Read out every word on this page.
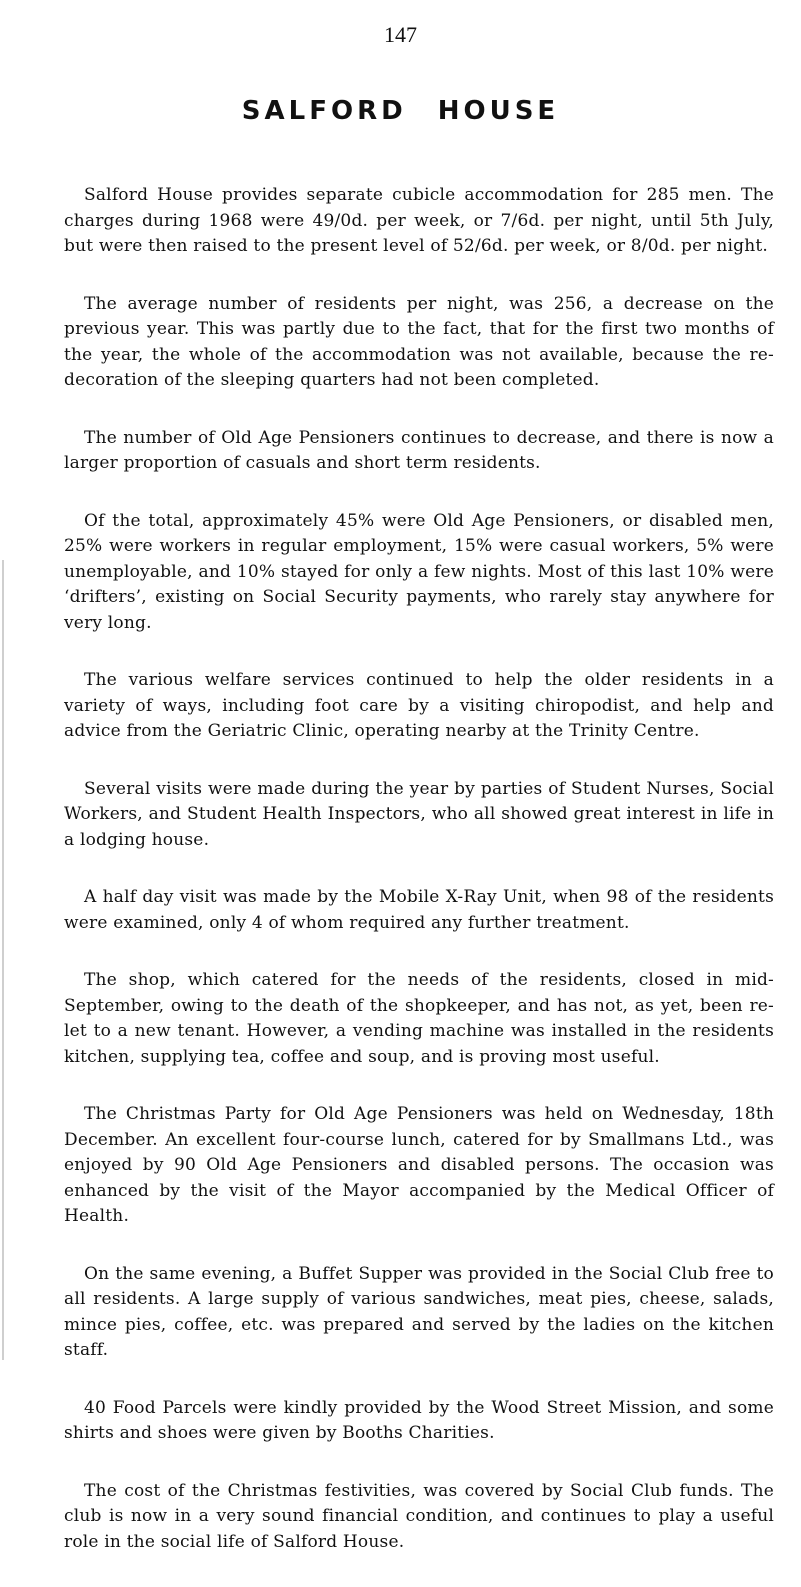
147
SALFORD HOUSE

Salford House provides separate cubicle accommodation for 285 men. The charges during 1968 were 49/0d. per week, or 7/6d. per night, until 5th July, but were then raised to the present level of 52/6d. per week, or 8/0d. per night.

The average number of residents per night, was 256, a decrease on the previous year. This was partly due to the fact, that for the first two months of the year, the whole of the accommodation was not available, because the re-decoration of the sleeping quarters had not been completed.

The number of Old Age Pensioners continues to decrease, and there is now a larger proportion of casuals and short term residents.

Of the total, approximately 45% were Old Age Pensioners, or disabled men, 25% were workers in regular employment, 15% were casual workers, 5% were unemployable, and 10% stayed for only a few nights. Most of this last 10% were ‘drifters’, existing on Social Security payments, who rarely stay anywhere for very long.

The various welfare services continued to help the older residents in a variety of ways, including foot care by a visiting chiropodist, and help and advice from the Geriatric Clinic, operating nearby at the Trinity Centre.

Several visits were made during the year by parties of Student Nurses, Social Workers, and Student Health Inspectors, who all showed great interest in life in a lodging house.

A half day visit was made by the Mobile X-Ray Unit, when 98 of the residents were examined, only 4 of whom required any further treatment.

The shop, which catered for the needs of the residents, closed in mid-September, owing to the death of the shopkeeper, and has not, as yet, been re-let to a new tenant. However, a vending machine was installed in the residents kitchen, supplying tea, coffee and soup, and is proving most useful.

The Christmas Party for Old Age Pensioners was held on Wednesday, 18th December. An excellent four-course lunch, catered for by Smallmans Ltd., was enjoyed by 90 Old Age Pensioners and disabled persons. The occasion was enhanced by the visit of the Mayor accompanied by the Medical Officer of Health.

On the same evening, a Buffet Supper was provided in the Social Club free to all residents. A large supply of various sandwiches, meat pies, cheese, salads, mince pies, coffee, etc. was prepared and served by the ladies on the kitchen staff.

40 Food Parcels were kindly provided by the Wood Street Mission, and some shirts and shoes were given by Booths Charities.

The cost of the Christmas festivities, was covered by Social Club funds. The club is now in a very sound financial condition, and continues to play a useful role in the social life of Salford House.
